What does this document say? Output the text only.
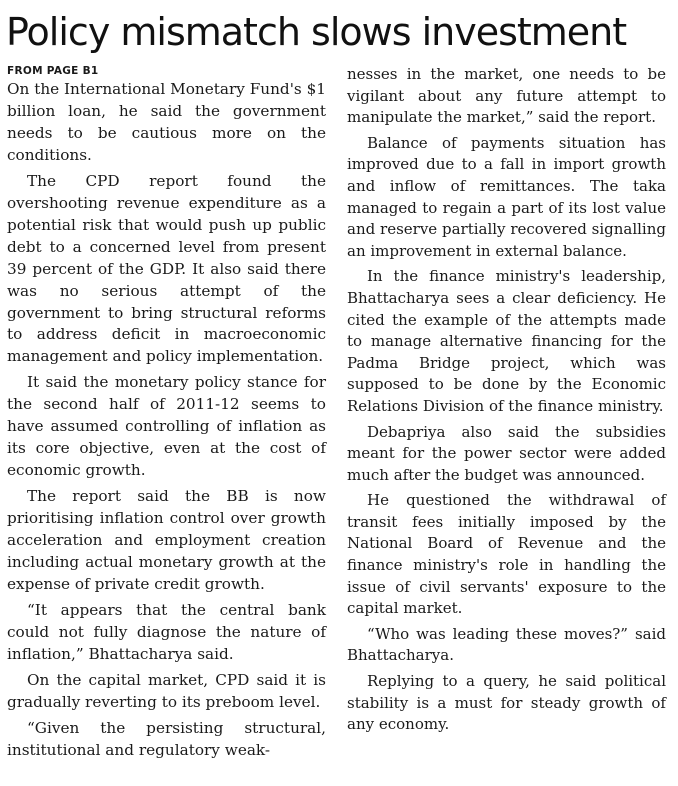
Policy mismatch slows investment
FROM PAGE B1

On the International Monetary Fund's $1 billion loan, he said the government needs to be cautious more on the conditions.

The CPD report found the overshooting revenue expenditure as a potential risk that would push up public debt to a concerned level from present 39 percent of the GDP. It also said there was no serious attempt of the government to bring structural reforms to address deficit in macroeconomic management and policy implementation.

It said the monetary policy stance for the second half of 2011-12 seems to have assumed controlling of inflation as its core objective, even at the cost of economic growth.

The report said the BB is now prioritising inflation control over growth acceleration and employment creation including actual monetary growth at the expense of private credit growth.

“It appears that the central bank could not fully diagnose the nature of inflation,” Bhattacharya said.

On the capital market, CPD said it is gradually reverting to its preboom level.

“Given the persisting structural, institutional and regulatory weak-

nesses in the market, one needs to be vigilant about any future attempt to manipulate the market,” said the report.

Balance of payments situation has improved due to a fall in import growth and inflow of remittances. The taka managed to regain a part of its lost value and reserve partially recovered signalling an improvement in external balance.

In the finance ministry's leadership, Bhattacharya sees a clear deficiency. He cited the example of the attempts made to manage alternative financing for the Padma Bridge project, which was supposed to be done by the Economic Relations Division of the finance ministry.

Debapriya also said the subsidies meant for the power sector were added much after the budget was announced.

He questioned the withdrawal of transit fees initially imposed by the National Board of Revenue and the finance ministry's role in handling the issue of civil servants' exposure to the capital market.

“Who was leading these moves?” said Bhattacharya.

Replying to a query, he said political stability is a must for steady growth of any economy.
